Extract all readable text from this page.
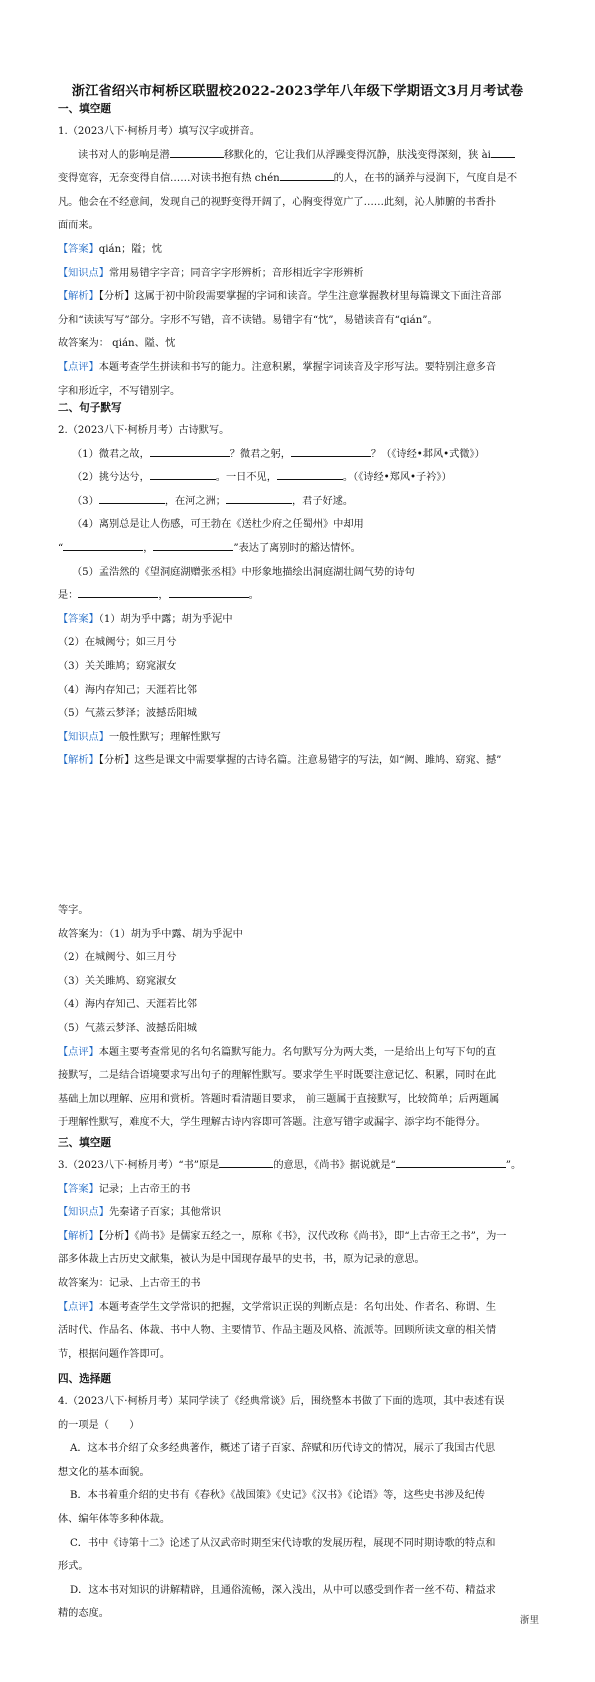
浙江省绍兴市柯桥区联盟校2022-2023学年八年级下学期语文3月月考试卷

一、填空题

1.（2023八下·柯桥月考）填写汉字或拼音。

读书对人的影响是潜	移默化的，它让我们从浮躁变得沉静，肤浅变得深刻，狭 ài

变得宽容，无奈变得自信……对读书抱有热 chén	的人，在书的涵养与浸润下，气度自是不

凡。他会在不经意间，发现自己的视野变得开阔了，心胸变得宽广了……此刻，沁人肺腑的书香扑

面而来。

【答案】qián；隘；忱

【知识点】常用易错字字音；同音字字形辨析；音形相近字字形辨析

【解析】【分析】这属于初中阶段需要掌握的字词和读音。学生注意掌握教材里每篇课文下面注音部

分和“读读写写”部分。字形不写错，音不读错。易错字有“忱”，易错读音有“qián”。

故答案为： qián、隘、忱

【点评】本题考查学生拼读和书写的能力。注意积累，掌握字词读音及字形写法。要特别注意多音

字和形近字，不写错别字。

二、句子默写

2.（2023八下·柯桥月考）古诗默写。

（1）微君之故，	？微君之躬，	？（《诗经•邶风•式微》）

（2）挑兮达兮，	。一日不见，	。（《诗经•郑风•子衿》）

（3）	，在河之洲；	，君子好逑。

（4）离别总是让人伤感，可王勃在《送杜少府之任蜀州》中却用

“	，	”表达了离别时的豁达情怀。

（5）孟浩然的《望洞庭湖赠张丞相》中形象地描绘出洞庭湖壮阔气势的诗句

是：	，	。

【答案】（1）胡为乎中露；胡为乎泥中

（2）在城阙兮；如三月兮

（3）关关雎鸠；窈窕淑女

（4）海内存知己；天涯若比邻

（5）气蒸云梦泽；波撼岳阳城

【知识点】一般性默写；理解性默写

【解析】【分析】这些是课文中需要掌握的古诗名篇。注意易错字的写法，如“阙、雎鸠、窈窕、撼”

等字。

故答案为：（1）胡为乎中露、胡为乎泥中

（2）在城阙兮、如三月兮

（3）关关雎鸠、窈窕淑女

（4）海内存知己、天涯若比邻

（5）气蒸云梦泽、波撼岳阳城

【点评】本题主要考查常见的名句名篇默写能力。名句默写分为两大类，一是给出上句写下句的直

接默写，二是结合语境要求写出句子的理解性默写。要求学生平时既要注意记忆、积累，同时在此

基础上加以理解、应用和赏析。答题时看清题目要求， 前三题属于直接默写，比较简单；后两题属

于理解性默写，难度不大，学生理解古诗内容即可答题。注意写错字或漏字、添字均不能得分。

三、填空题

3.（2023八下·柯桥月考）“书”原是	的意思，《尚书》据说就是“	”。

【答案】记录；上古帝王的书

【知识点】先秦诸子百家；其他常识

【解析】【分析】《尚书》是儒家五经之一，原称《书》，汉代改称《尚书》，即“上古帝王之书”，为一

部多体裁上古历史文献集，被认为是中国现存最早的史书，书，原为记录的意思。

故答案为：记录、上古帝王的书

【点评】本题考查学生文学常识的把握，文学常识正误的判断点是：名句出处、作者名、称谓、生

活时代、作品名、体裁、书中人物、主要情节、作品主题及风格、流派等。回顾所读文章的相关情

节，根据问题作答即可。

四、选择题

4.（2023八下·柯桥月考）某同学读了《经典常谈》后，围绕整本书做了下面的选项，其中表述有误

的一项是（　　）

A．这本书介绍了众多经典著作，概述了诸子百家、辞赋和历代诗文的情况，展示了我国古代思

想文化的基本面貌。

B．本书着重介绍的史书有《春秋》《战国策》《史记》《汉书》《论语》等，这些史书涉及纪传

体、编年体等多种体裁。

C．书中《诗第十二》论述了从汉武帝时期至宋代诗歌的发展历程，展现不同时期诗歌的特点和

形式。

D．这本书对知识的讲解精辟，且通俗流畅，深入浅出，从中可以感受到作者一丝不苟、精益求

精的态度。

浙里
